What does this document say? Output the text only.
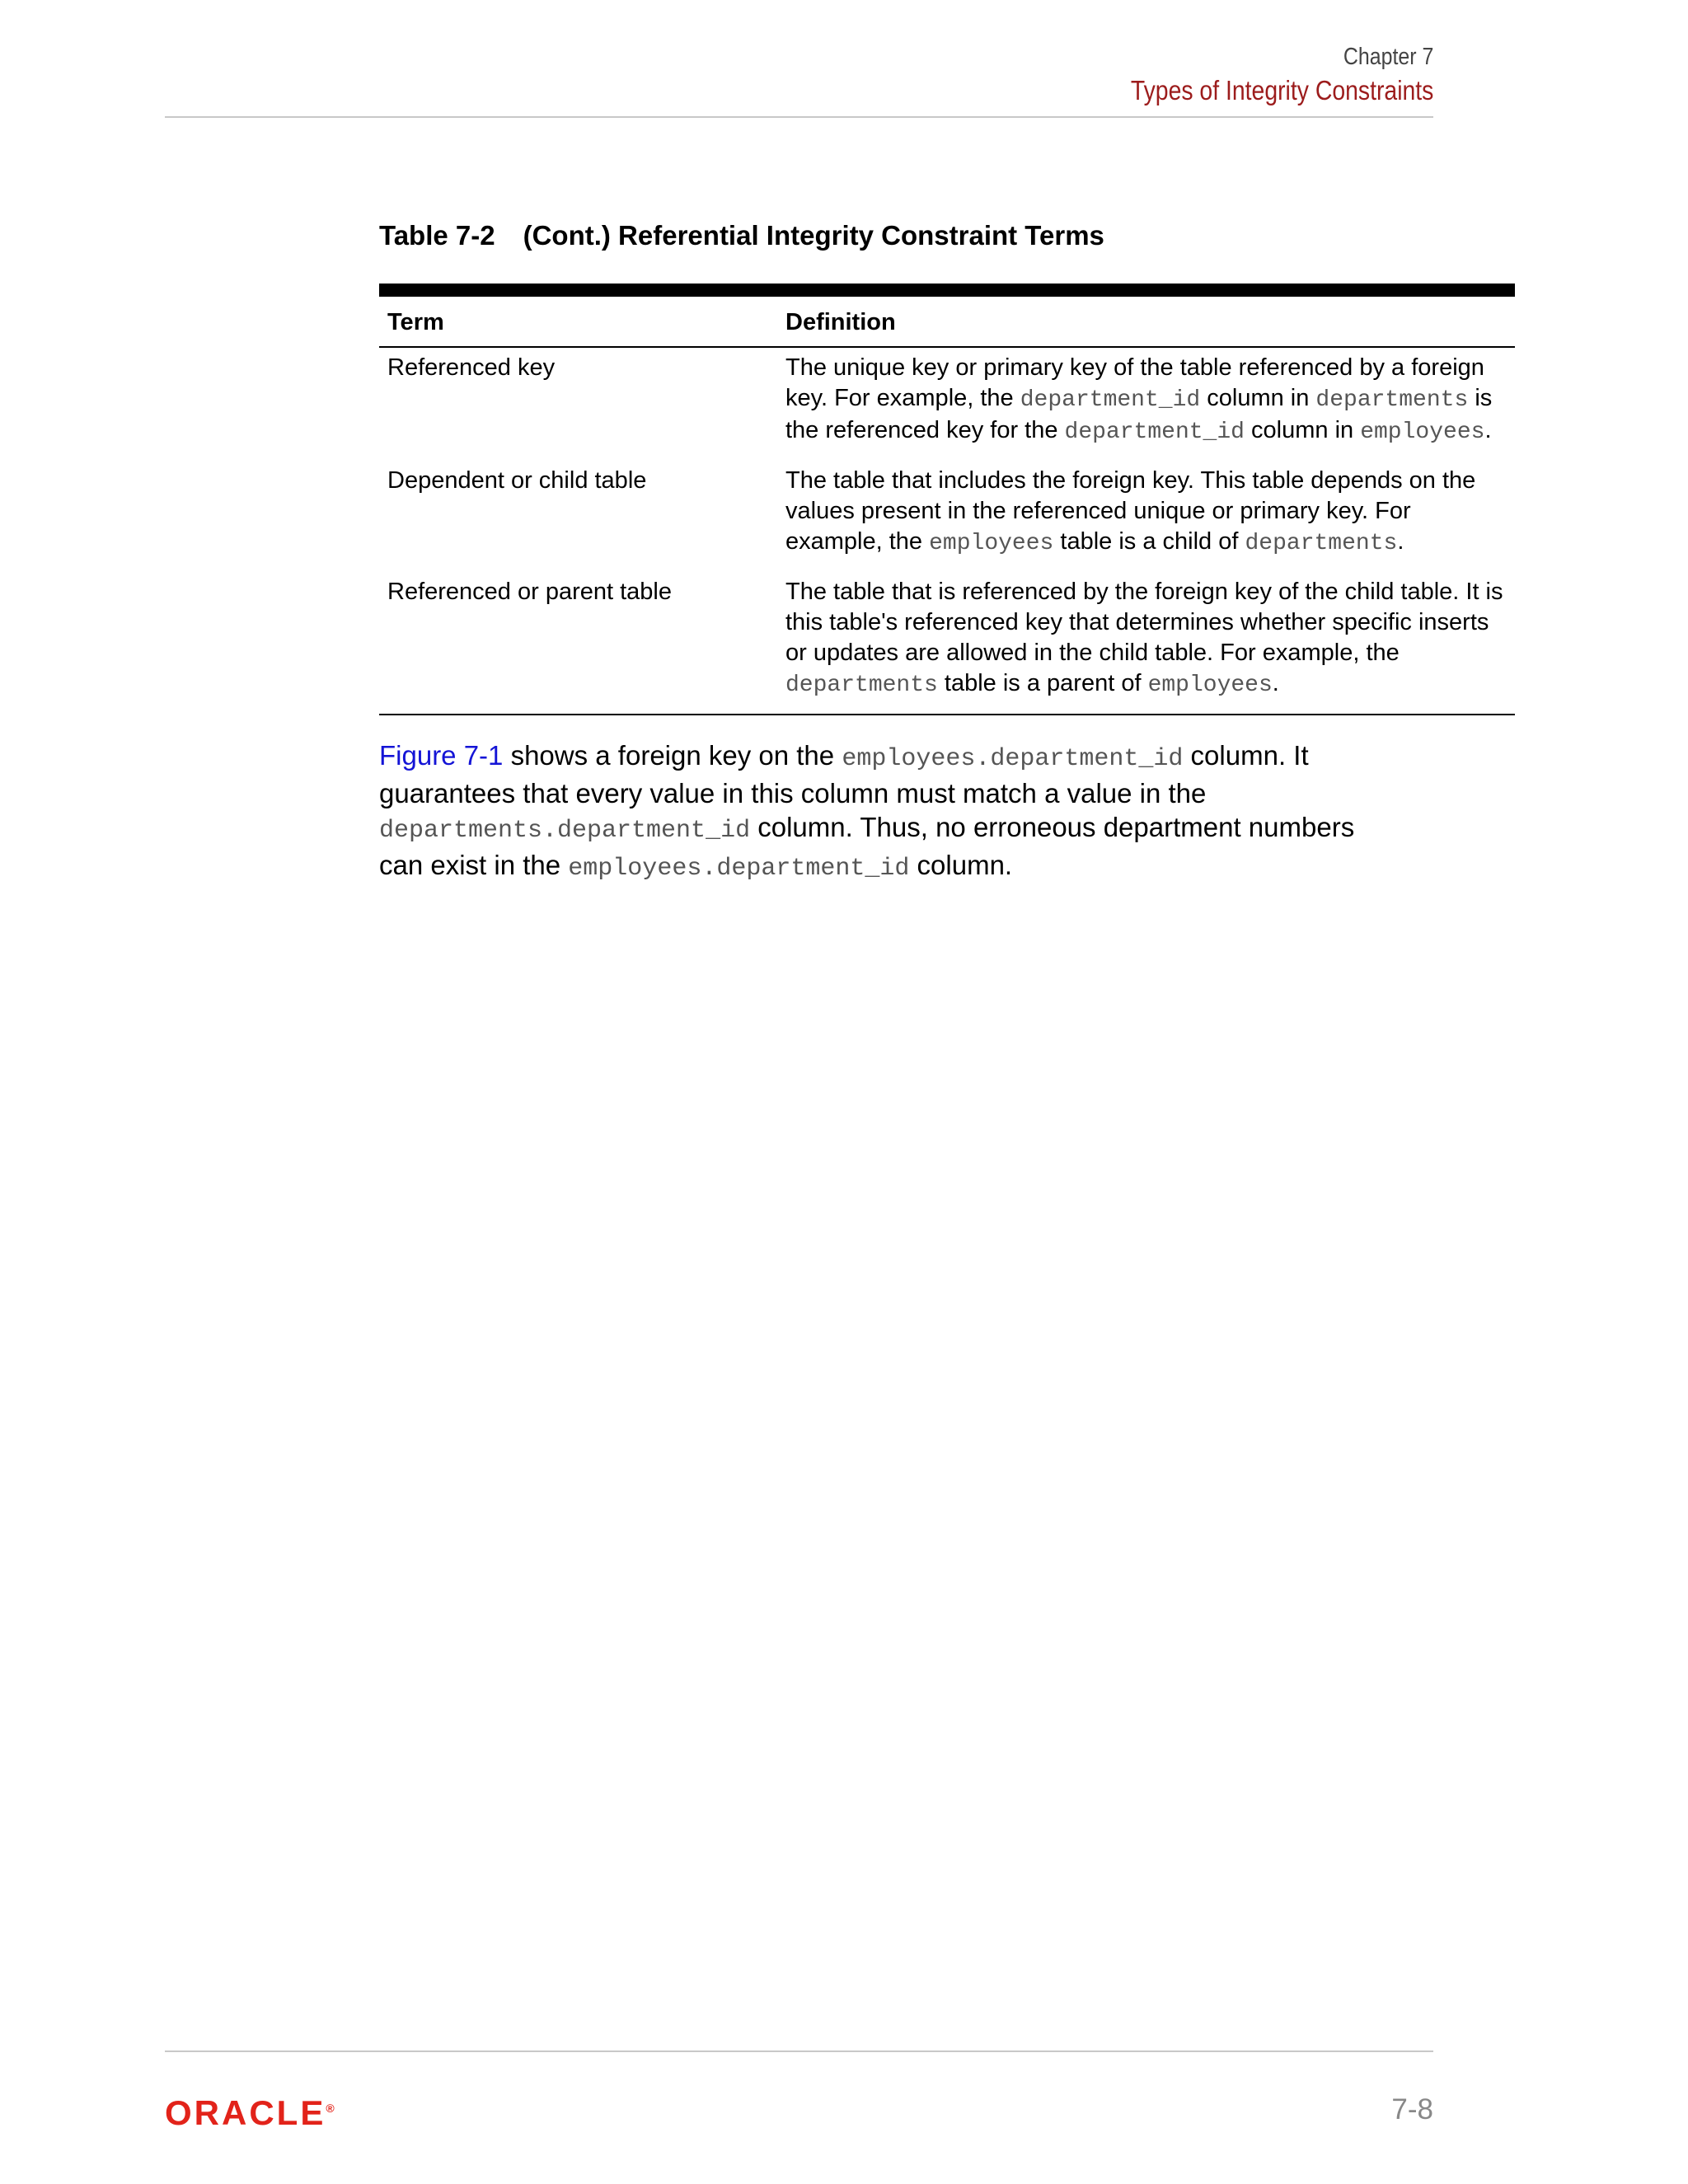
Chapter 7
Types of Integrity Constraints
Table 7-2 (Cont.) Referential Integrity Constraint Terms
Term	Definition
Referenced key	The unique key or primary key of the table referenced by a foreign key. For example, the department_id column in departments is the referenced key for the department_id column in employees.
Dependent or child table	The table that includes the foreign key. This table depends on the values present in the referenced unique or primary key. For example, the employees table is a child of departments.
Referenced or parent table	The table that is referenced by the foreign key of the child table. It is this table's referenced key that determines whether specific inserts or updates are allowed in the child table. For example, the departments table is a parent of employees.

Figure 7-1 shows a foreign key on the employees.department_id column. It guarantees that every value in this column must match a value in the departments.department_id column. Thus, no erroneous department numbers can exist in the employees.department_id column.

ORACLE®	7-8
